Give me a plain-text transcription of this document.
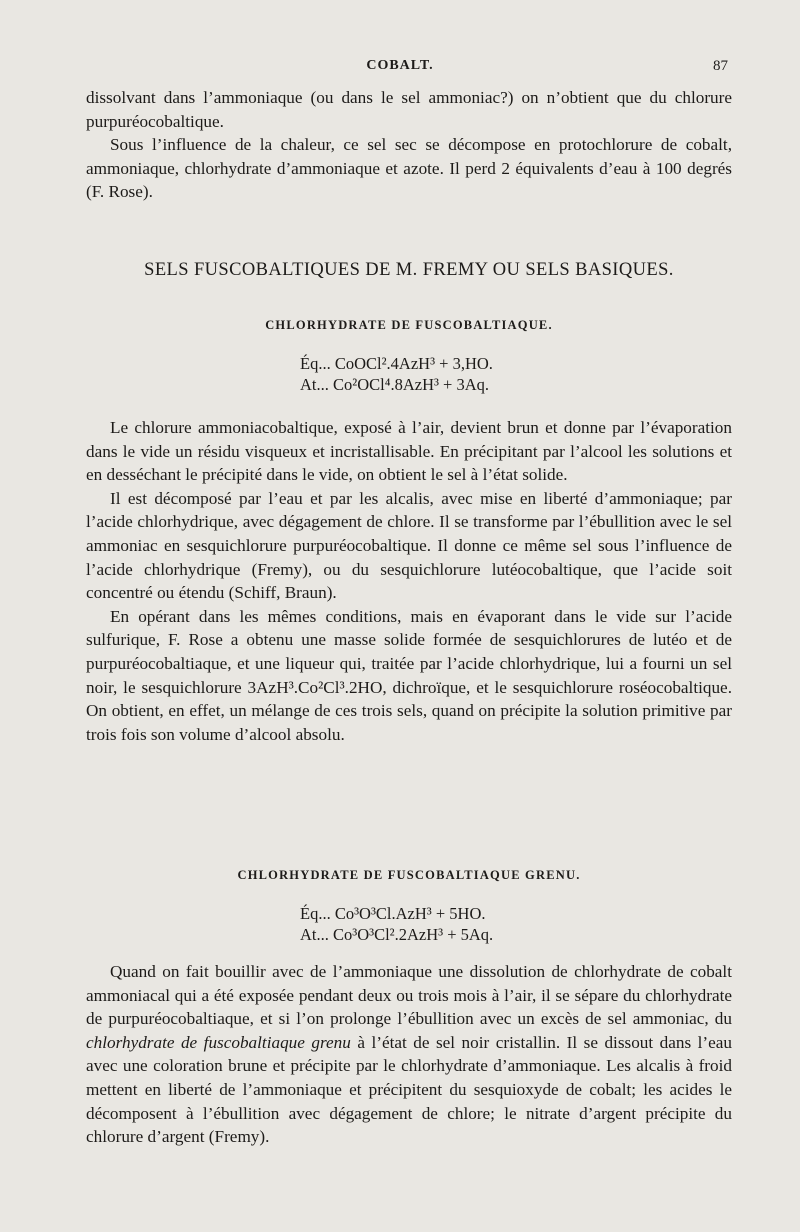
COBALT.	87

dissolvant dans l’ammoniaque (ou dans le sel ammoniac?) on n’obtient que du chlorure purpuréocobaltique.

Sous l’influence de la chaleur, ce sel sec se décompose en protochlorure de cobalt, ammoniaque, chlorhydrate d’ammoniaque et azote. Il perd 2 équivalents d’eau à 100 degrés (F. Rose).

SELS FUSCOBALTIQUES DE M. FREMY OU SELS BASIQUES.
CHLORHYDRATE DE FUSCOBALTIAQUE.
Éq... CoOCl².4AzH³ + 3,HO.
At... Co²OCl⁴.8AzH³ + 3Aq.

Le chlorure ammoniacobaltique, exposé à l’air, devient brun et donne par l’évaporation dans le vide un résidu visqueux et incristallisable. En précipitant par l’alcool les solutions et en desséchant le précipité dans le vide, on obtient le sel à l’état solide.

Il est décomposé par l’eau et par les alcalis, avec mise en liberté d’ammoniaque; par l’acide chlorhydrique, avec dégagement de chlore. Il se transforme par l’ébullition avec le sel ammoniac en sesquichlorure purpuréocobaltique. Il donne ce même sel sous l’influence de l’acide chlorhydrique (Fremy), ou du sesquichlorure lutéocobaltique, que l’acide soit concentré ou étendu (Schiff, Braun).

En opérant dans les mêmes conditions, mais en évaporant dans le vide sur l’acide sulfurique, F. Rose a obtenu une masse solide formée de sesquichlorures de lutéo et de purpuréocobaltiaque, et une liqueur qui, traitée par l’acide chlorhydrique, lui a fourni un sel noir, le sesquichlorure 3AzH³.Co²Cl³.2HO, dichroïque, et le sesquichlorure roséocobaltique. On obtient, en effet, un mélange de ces trois sels, quand on précipite la solution primitive par trois fois son volume d’alcool absolu.

CHLORHYDRATE DE FUSCOBALTIAQUE GRENU.
Éq... Co³O³Cl.AzH³ + 5HO.
At... Co³O³Cl².2AzH³ + 5Aq.

Quand on fait bouillir avec de l’ammoniaque une dissolution de chlorhydrate de cobalt ammoniacal qui a été exposée pendant deux ou trois mois à l’air, il se sépare du chlorhydrate de purpuréocobaltiaque, et si l’on prolonge l’ébullition avec un excès de sel ammoniac, du chlorhydrate de fuscobaltiaque grenu à l’état de sel noir cristallin. Il se dissout dans l’eau avec une coloration brune et précipite par le chlorhydrate d’ammoniaque. Les alcalis à froid mettent en liberté de l’ammoniaque et précipitent du sesquioxyde de cobalt; les acides le décomposent à l’ébullition avec dégagement de chlore; le nitrate d’argent précipite du chlorure d’argent (Fremy).
